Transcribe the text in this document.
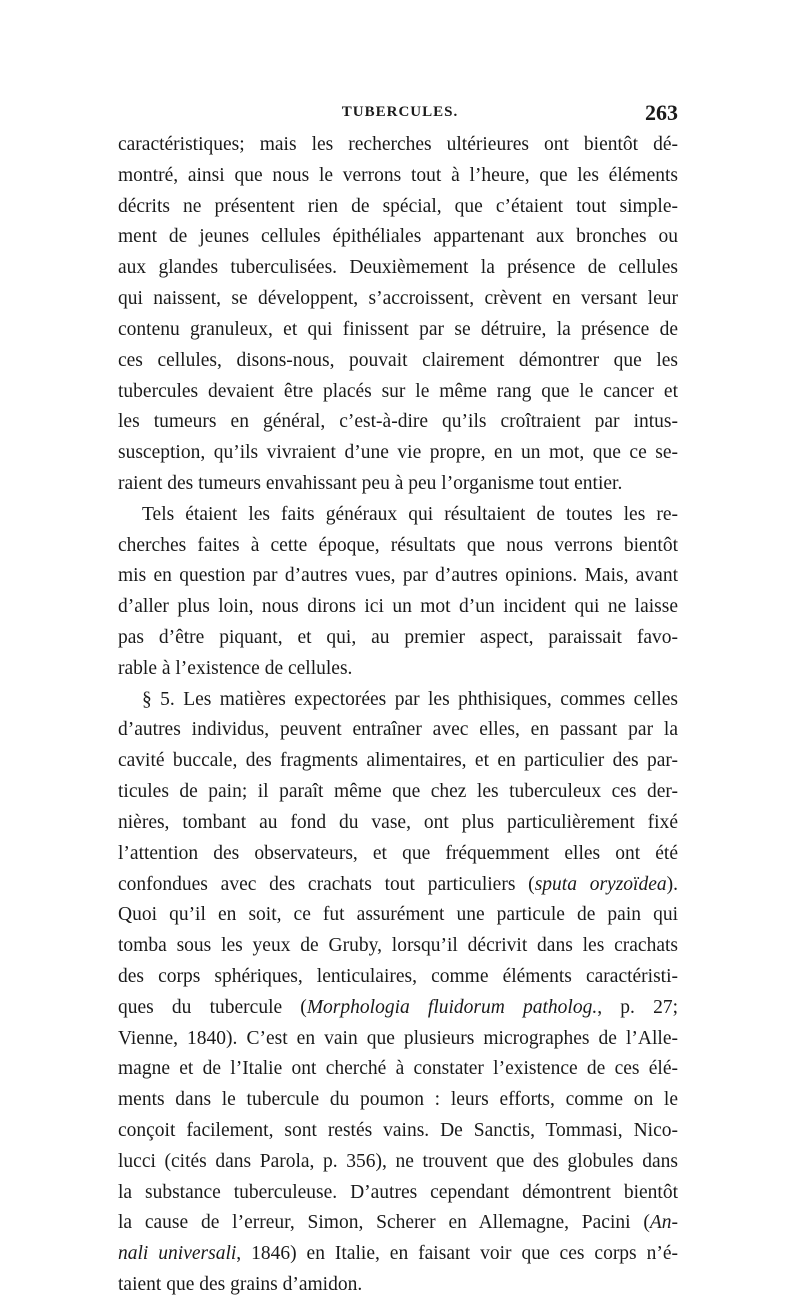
TUBERCULES.	263
caractéristiques; mais les recherches ultérieures ont bientôt dé-
montré, ainsi que nous le verrons tout à l’heure, que les éléments
décrits ne présentent rien de spécial, que c’étaient tout simple-
ment de jeunes cellules épithéliales appartenant aux bronches ou
aux glandes tuberculisées. Deuxièmement la présence de cellules
qui naissent, se développent, s’accroissent, crèvent en versant leur
contenu granuleux, et qui finissent par se détruire, la présence de
ces cellules, disons-nous, pouvait clairement démontrer que les
tubercules devaient être placés sur le même rang que le cancer et
les tumeurs en général, c’est-à-dire qu’ils croîtraient par intus-
susception, qu’ils vivraient d’une vie propre, en un mot, que ce se-
raient des tumeurs envahissant peu à peu l’organisme tout entier.
Tels étaient les faits généraux qui résultaient de toutes les re-
cherches faites à cette époque, résultats que nous verrons bientôt
mis en question par d’autres vues, par d’autres opinions. Mais, avant
d’aller plus loin, nous dirons ici un mot d’un incident qui ne laisse
pas d’être piquant, et qui, au premier aspect, paraissait favo-
rable à l’existence de cellules.
§ 5. Les matières expectorées par les phthisiques, commes celles
d’autres individus, peuvent entraîner avec elles, en passant par la
cavité buccale, des fragments alimentaires, et en particulier des par-
ticules de pain; il paraît même que chez les tuberculeux ces der-
nières, tombant au fond du vase, ont plus particulièrement fixé
l’attention des observateurs, et que fréquemment elles ont été
confondues avec des crachats tout particuliers (sputa oryzoïdea).
Quoi qu’il en soit, ce fut assurément une particule de pain qui
tomba sous les yeux de Gruby, lorsqu’il décrivit dans les crachats
des corps sphériques, lenticulaires, comme éléments caractéristi-
ques du tubercule (Morphologia fluidorum patholog., p. 27;
Vienne, 1840). C’est en vain que plusieurs micrographes de l’Alle-
magne et de l’Italie ont cherché à constater l’existence de ces élé-
ments dans le tubercule du poumon : leurs efforts, comme on le
conçoit facilement, sont restés vains. De Sanctis, Tommasi, Nico-
lucci (cités dans Parola, p. 356), ne trouvent que des globules dans
la substance tuberculeuse. D’autres cependant démontrent bientôt
la cause de l’erreur, Simon, Scherer en Allemagne, Pacini (An-
nali universali, 1846) en Italie, en faisant voir que ces corps n’é-
taient que des grains d’amidon.
